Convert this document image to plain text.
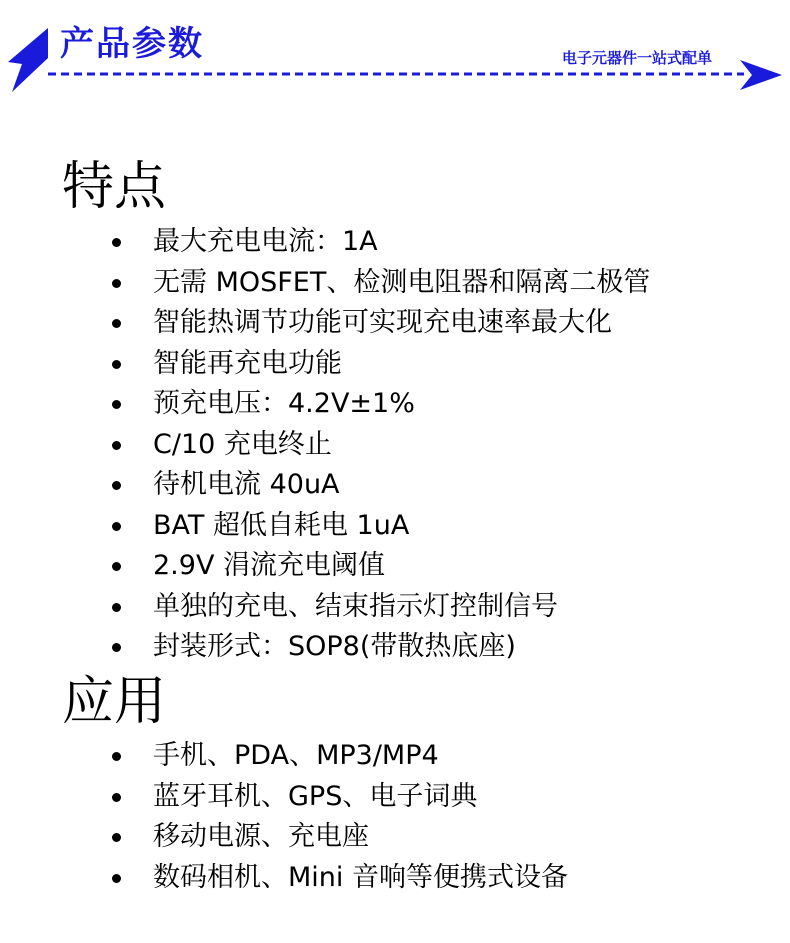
产品参数	电子元器件一站式配单
特点
最大充电电流：1A
无需 MOSFET、检测电阻器和隔离二极管
智能热调节功能可实现充电速率最大化
智能再充电功能
预充电压：4.2V±1%
C/10 充电终止
待机电流 40uA
BAT 超低自耗电 1uA
2.9V 涓流充电阈值
单独的充电、结束指示灯控制信号
封装形式：SOP8(带散热底座)
应用
手机、PDA、MP3/MP4
蓝牙耳机、GPS、电子词典
移动电源、充电座
数码相机、Mini 音响等便携式设备
